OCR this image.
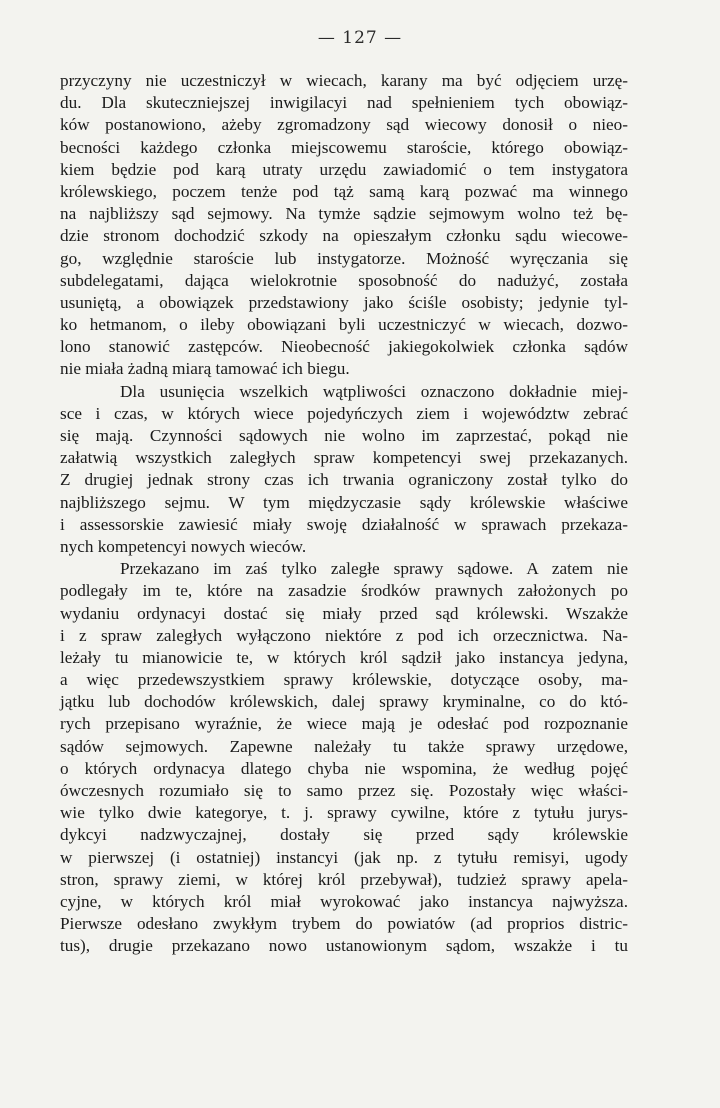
— 127 —
przyczyny nie uczestniczył w wiecach, karany ma być odjęciem urzę-
du. Dla skuteczniejszej inwigilacyi nad spełnieniem tych obowiąz-
ków postanowiono, ażeby zgromadzony sąd wiecowy donosił o nieo-
becności każdego członka miejscowemu staroście, którego obowiąz-
kiem będzie pod karą utraty urzędu zawiadomić o tem instygatora
królewskiego, poczem tenże pod tąż samą karą pozwać ma winnego
na najbliższy sąd sejmowy. Na tymże sądzie sejmowym wolno też bę-
dzie stronom dochodzić szkody na opieszałym członku sądu wiecowe-
go, względnie staroście lub instygatorze. Możność wyręczania się
subdelegatami, dająca wielokrotnie sposobność do nadużyć, została
usuniętą, a obowiązek przedstawiony jako ściśle osobisty; jedynie tyl-
ko hetmanom, o ileby obowiązani byli uczestniczyć w wiecach, dozwo-
lono stanowić zastępców. Nieobecność jakiegokolwiek członka sądów
nie miała żadną miarą tamować ich biegu.
Dla usunięcia wszelkich wątpliwości oznaczono dokładnie miej-
sce i czas, w których wiece pojedyńczych ziem i województw zebrać
się mają. Czynności sądowych nie wolno im zaprzestać, pokąd nie
załatwią wszystkich zaległych spraw kompetencyi swej przekazanych.
Z drugiej jednak strony czas ich trwania ograniczony został tylko do
najbliższego sejmu. W tym międzyczasie sądy królewskie właściwe
i assessorskie zawiesić miały swoję działalność w sprawach przekaza-
nych kompetencyi nowych wieców.
Przekazano im zaś tylko zaległe sprawy sądowe. A zatem nie
podlegały im te, które na zasadzie środków prawnych założonych po
wydaniu ordynacyi dostać się miały przed sąd królewski. Wszakże
i z spraw zaległych wyłączono niektóre z pod ich orzecznictwa. Na-
leżały tu mianowicie te, w których król sądził jako instancya jedyna,
a więc przedewszystkiem sprawy królewskie, dotyczące osoby, ma-
jątku lub dochodów królewskich, dalej sprawy kryminalne, co do któ-
rych przepisano wyraźnie, że wiece mają je odesłać pod rozpoznanie
sądów sejmowych. Zapewne należały tu także sprawy urzędowe,
o których ordynacya dlatego chyba nie wspomina, że według pojęć
ówczesnych rozumiało się to samo przez się. Pozostały więc właści-
wie tylko dwie kategorye, t. j. sprawy cywilne, które z tytułu jurys-
dykcyi nadzwyczajnej, dostały się przed sądy królewskie
w pierwszej (i ostatniej) instancyi (jak np. z tytułu remisyi, ugody
stron, sprawy ziemi, w której król przebywał), tudzież sprawy apela-
cyjne, w których król miał wyrokować jako instancya najwyższa.
Pierwsze odesłano zwykłym trybem do powiatów (ad proprios distric-
tus), drugie przekazano nowo ustanowionym sądom, wszakże i tu
